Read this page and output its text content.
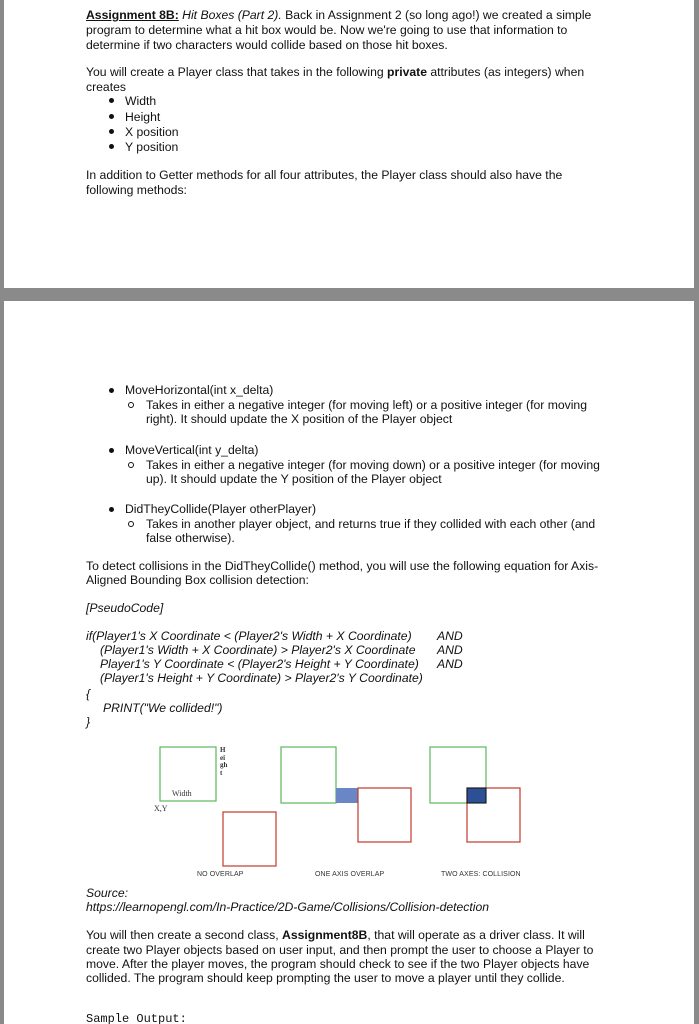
Assignment 8B: Hit Boxes (Part 2). Back in Assignment 2 (so long ago!) we created a simple
program to determine what a hit box would be. Now we're going to use that information to
determine if two characters would collide based on those hit boxes.
You will create a Player class that takes in the following private attributes (as integers) when
creates
Width
Height
X position
Y position
In addition to Getter methods for all four attributes, the Player class should also have the
following methods:
MoveHorizontal(int x_delta)
Takes in either a negative integer (for moving left) or a positive integer (for moving
right). It should update the X position of the Player object
MoveVertical(int y_delta)
Takes in either a negative integer (for moving down) or a positive integer (for moving
up). It should update the Y position of the Player object
DidTheyCollide(Player otherPlayer)
Takes in another player object, and returns true if they collided with each other (and
false otherwise).
To detect collisions in the DidTheyCollide() method, you will use the following equation for Axis-
Aligned Bounding Box collision detection:
[PseudoCode]
if(Player1's X Coordinate < (Player2's Width + X Coordinate)
(Player1's Width + X Coordinate) > Player2's X Coordinate
Player1's Y Coordinate < (Player2's Height + Y Coordinate)
(Player1's Height + Y Coordinate) > Player2's Y Coordinate)
AND
AND
AND
{
PRINT("We collided!")
}
Width
X,Y
Height
NO OVERLAP	ONE AXIS OVERLAP	TWO AXES: COLLISION
Source:
https://learnopengl.com/In-Practice/2D-Game/Collisions/Collision-detection
You will then create a second class, Assignment8B, that will operate as a driver class. It will
create two Player objects based on user input, and then prompt the user to choose a Player to
move. After the player moves, the program should check to see if the two Player objects have
collided. The program should keep prompting the user to move a player until they collide.
Sample Output:
